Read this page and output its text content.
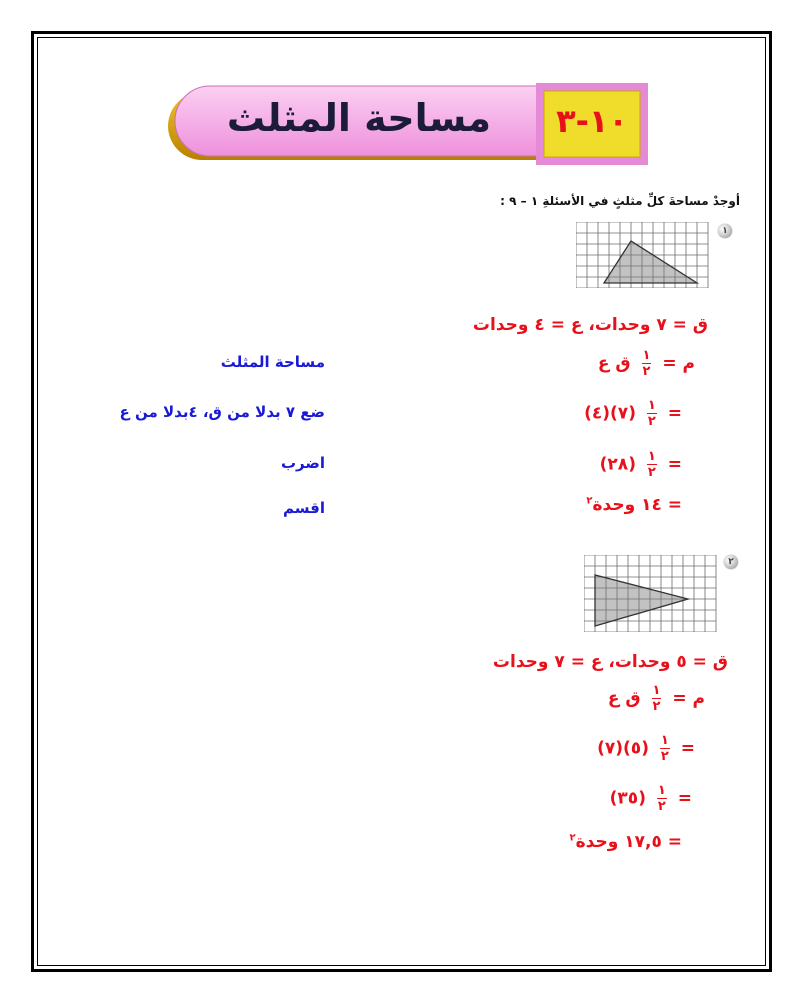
مساحة المثلث	١٠-٣
أوجدْ مساحةَ كلِّ مثلثٍ في الأسئلةِ ١ – ٩ :
١
ق = ٧ وحدات، ع = ٤ وحدات
م =
$\frac{١}{٢}$
ق ع
مساحة المثلث
=
$\frac{١}{٢}$
(٧)(٤)
ضع ٧ بدلا من ق، ٤بدلا من ع
=
$\frac{١}{٢}$
(٢٨)
اضرب
= ١٤ وحدة$^٢$
اقسم
٢
ق = ٥ وحدات، ع = ٧ وحدات
م =
$\frac{١}{٢}$
ق ع
=
$\frac{١}{٢}$
(٥)(٧)
=
$\frac{١}{٢}$
(٣٥)
= ١٧,٥ وحدة$^٢$
